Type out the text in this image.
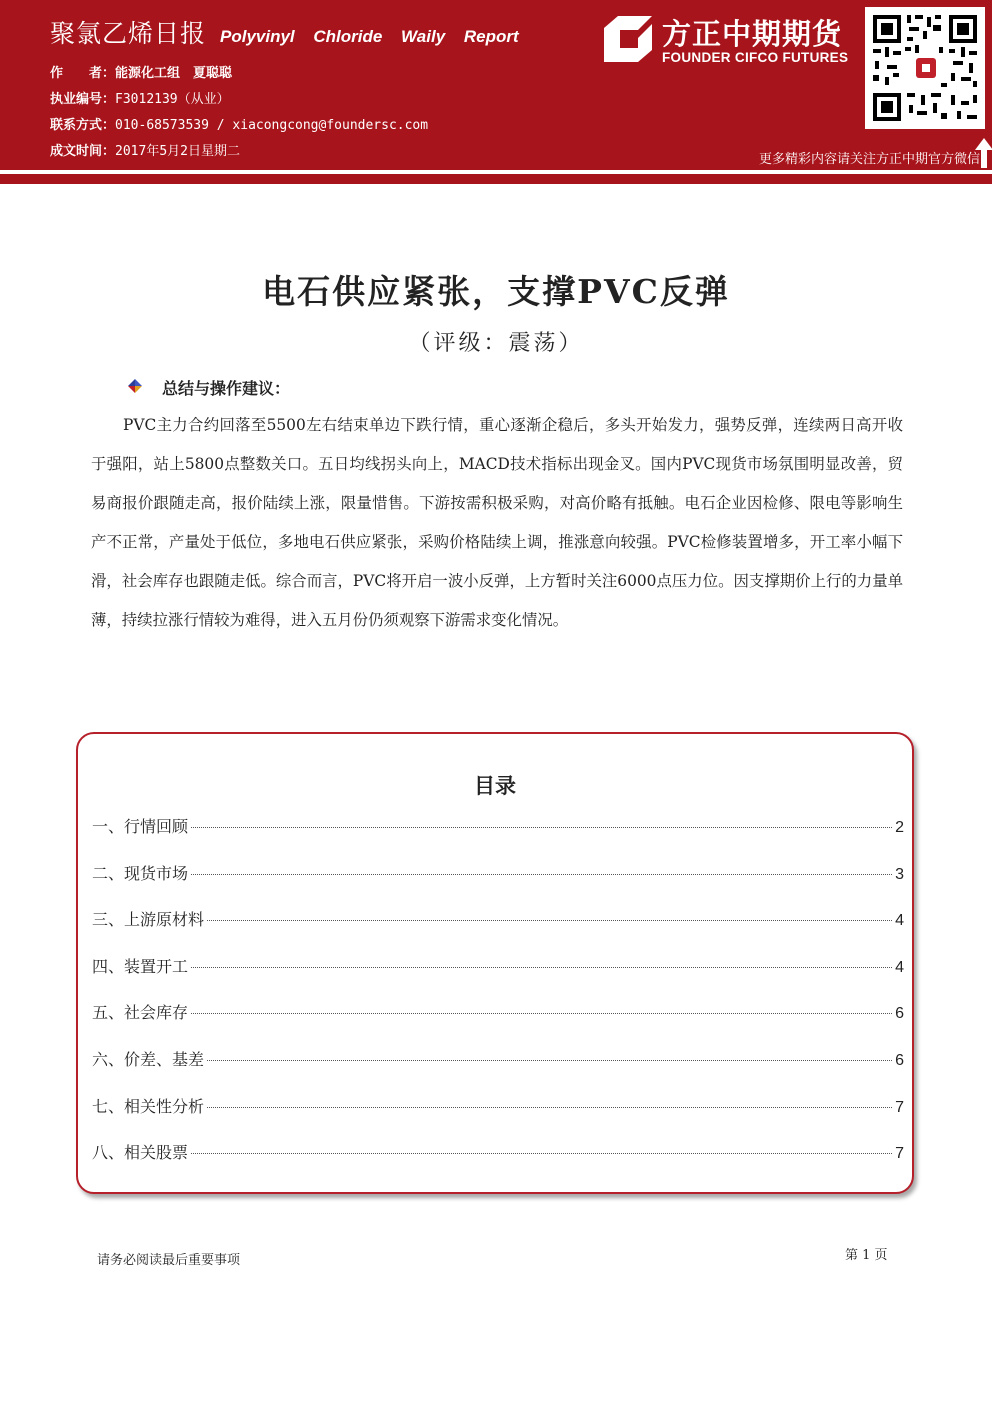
聚氯乙烯日报 Polyvinyl Chloride Waily Report
作　　者：能源化工组　夏聪聪
执业编号：F3012139（从业）
联系方式：010-68573539 / xiacongcong@foundersc.com
成文时间：2017年5月2日星期二
方正中期期货
FOUNDER CIFCO FUTURES
更多精彩内容请关注方正中期官方微信
电石供应紧张，支撑PVC反弹
（评级：震荡）
总结与操作建议：

PVC主力合约回落至5500左右结束单边下跌行情，重心逐渐企稳后，多头开始发力，强势反弹，连续两日高开收于强阳，站上5800点整数关口。五日均线拐头向上，MACD技术指标出现金叉。国内PVC现货市场氛围明显改善，贸易商报价跟随走高，报价陆续上涨，限量惜售。下游按需积极采购，对高价略有抵触。电石企业因检修、限电等影响生产不正常，产量处于低位，多地电石供应紧张，采购价格陆续上调，推涨意向较强。PVC检修装置增多，开工率小幅下滑，社会库存也跟随走低。综合而言，PVC将开启一波小反弹，上方暂时关注6000点压力位。因支撑期价上行的力量单薄，持续拉涨行情较为难得，进入五月份仍须观察下游需求变化情况。

目录
一、行情回顾	2
二、现货市场	3
三、上游原材料	4
四、装置开工	4
五、社会库存	6
六、价差、基差	6
七、相关性分析	7
八、相关股票	7
请务必阅读最后重要事项	第 1 页
